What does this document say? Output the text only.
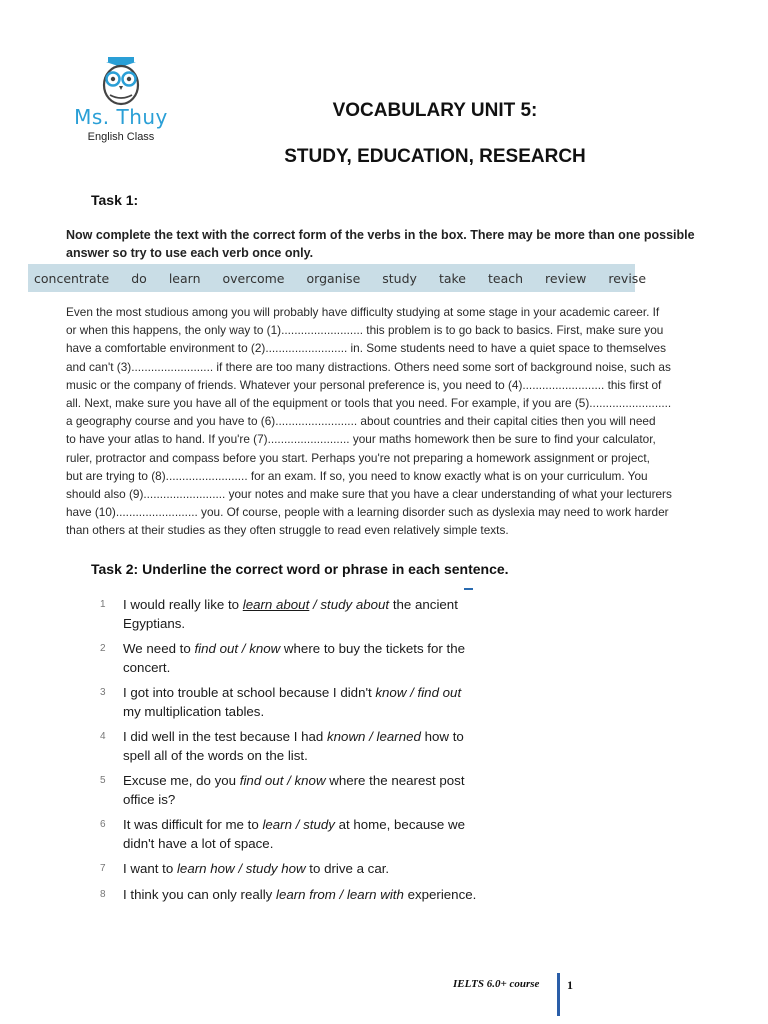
Ms. Thuy
English Class
VOCABULARY UNIT 5:
STUDY, EDUCATION, RESEARCH
Task 1:
Now complete the text with the correct form of the verbs in the box. There may be more than one possible answer so try to use each verb once only.
concentrate do learn overcome organise study take teach review revise
Even the most studious among you will probably have difficulty studying at some stage in your academic career. If
or when this happens, the only way to (1)......................... this problem is to go back to basics. First, make sure you
have a comfortable environment to (2)......................... in. Some students need to have a quiet space to themselves
and can't (3)......................... if there are too many distractions. Others need some sort of background noise, such as
music or the company of friends. Whatever your personal preference is, you need to (4)......................... this first of
all. Next, make sure you have all of the equipment or tools that you need. For example, if you are (5).........................
a geography course and you have to (6)......................... about countries and their capital cities then you will need
to have your atlas to hand. If you're (7)......................... your maths homework then be sure to find your calculator,
ruler, protractor and compass before you start. Perhaps you're not preparing a homework assignment or project,
but are trying to (8)......................... for an exam. If so, you need to know exactly what is on your curriculum. You
should also (9)......................... your notes and make sure that you have a clear understanding of what your lecturers
have (10)......................... you. Of course, people with a learning disorder such as dyslexia may need to work harder
than others at their studies as they often struggle to read even relatively simple texts.
Task 2: Underline the correct word or phrase in each sentence.
1 I would really like to learn about / study about the ancient Egyptians.
2 We need to find out / know where to buy the tickets for the concert.
3 I got into trouble at school because I didn't know / find out my multiplication tables.
4 I did well in the test because I had known / learned how to spell all of the words on the list.
5 Excuse me, do you find out / know where the nearest post office is?
6 It was difficult for me to learn / study at home, because we didn't have a lot of space.
7 I want to learn how / study how to drive a car.
8 I think you can only really learn from / learn with experience.
IELTS 6.0+ course 1
